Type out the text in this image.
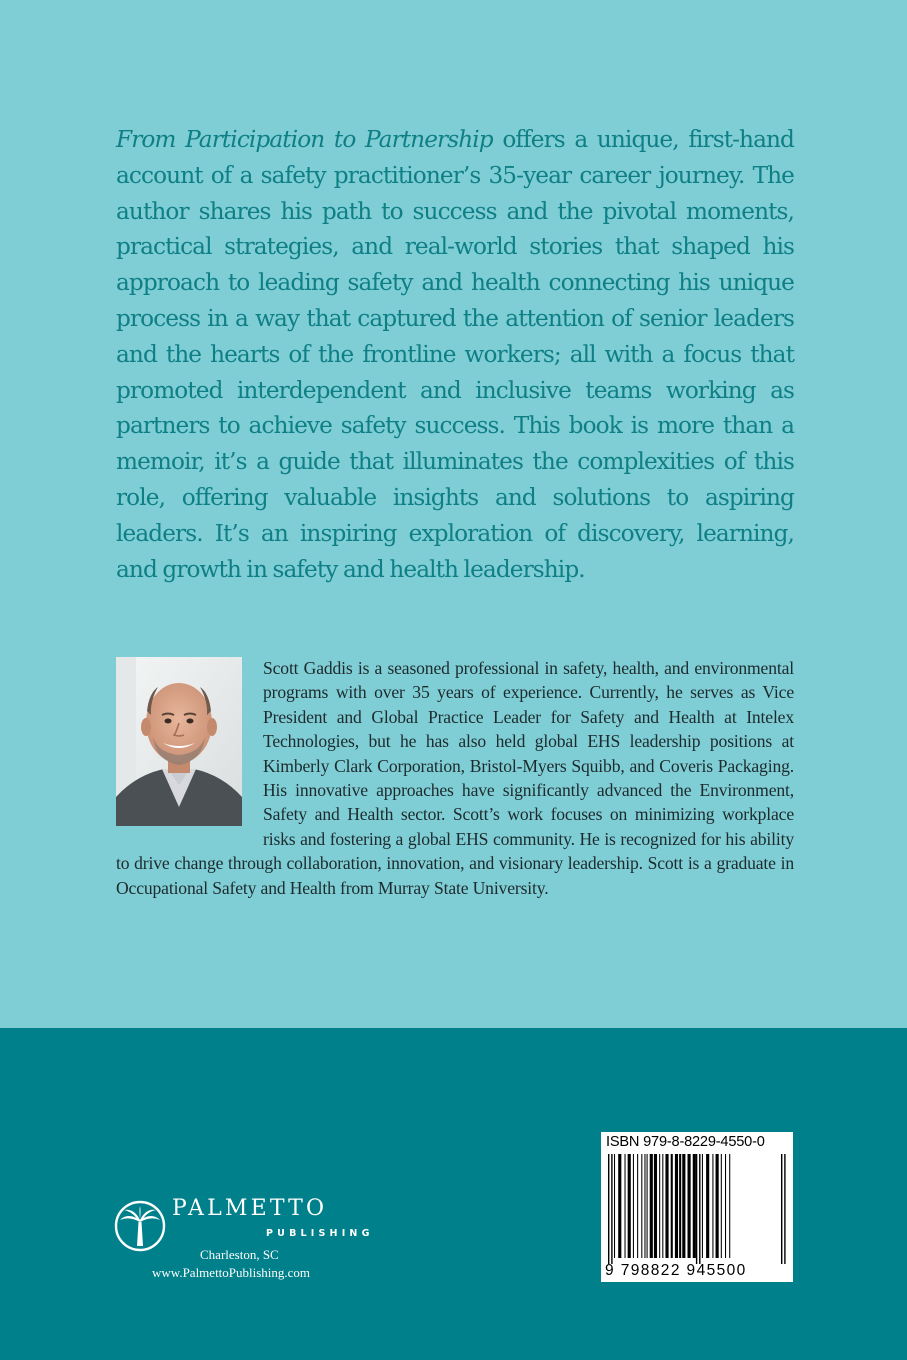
From Participation to Partnership offers a unique, first-hand account of a safety practitioner’s 35-year career journey. The author shares his path to success and the pivotal moments, practical strategies, and real-world stories that shaped his approach to leading safety and health connecting his unique process in a way that captured the attention of senior leaders and the hearts of the frontline workers; all with a focus that promoted interdependent and inclusive teams working as partners to achieve safety success. This book is more than a memoir, it’s a guide that illuminates the complexities of this role, offering valuable insights and solutions to aspiring leaders. It’s an inspiring exploration of discovery, learning, and growth in safety and health leadership.

Scott Gaddis is a seasoned professional in safety, health, and environmental programs with over 35 years of experience. Currently, he serves as Vice President and Global Practice Leader for Safety and Health at Intelex Technologies, but he has also held global EHS leadership positions at Kimberly Clark Corporation, Bristol-Myers Squibb, and Coveris Packaging. His innovative approaches have significantly advanced the Environment, Safety and Health sector. Scott’s work focuses on minimizing workplace risks and fostering a global EHS community. He is recognized for his ability to drive change through collaboration, innovation, and visionary leadership. Scott is a graduate in Occupational Safety and Health from Murray State University.

PALMETTO
PUBLISHING
Charleston, SC
www.PalmettoPublishing.com
ISBN 979-8-8229-4550-0
9 798822 945500
